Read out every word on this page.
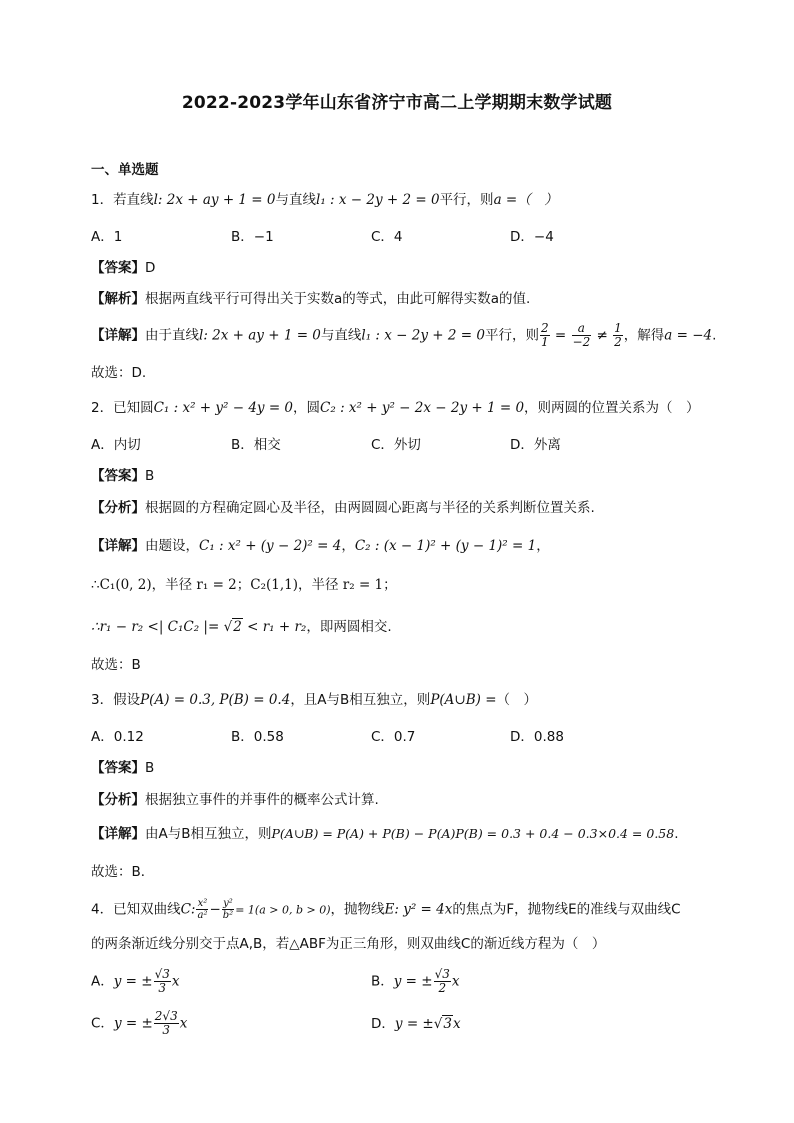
2022-2023学年山东省济宁市高二上学期期末数学试题
一、单选题
1．若直线l: 2x + ay + 1 = 0与直线l₁ : x − 2y + 2 = 0平行，则a =（　）
A．1	B．−1	C．4	D．−4
【答案】D
【解析】根据两直线平行可得出关于实数a的等式，由此可解得实数a的值.
【详解】由于直线l: 2x + ay + 1 = 0与直线l₁ : x − 2y + 2 = 0平行，则 $\frac{2}{1} = \frac{a}{-2} \ne \frac{1}{2}$ ，解得a = −4.
故选：D.
2．已知圆C₁ : x² + y² − 4y = 0，圆C₂ : x² + y² − 2x − 2y + 1 = 0，则两圆的位置关系为（　）
A．内切	B．相交	C．外切	D．外离
【答案】B
【分析】根据圆的方程确定圆心及半径，由两圆圆心距离与半径的关系判断位置关系.
【详解】由题设，C₁ : x² + (y − 2)² = 4，C₂ : (x − 1)² + (y − 1)² = 1，
∴C₁(0, 2)，半径 r₁ = 2；C₂(1,1)，半径 r₂ = 1；
∴r₁ − r₂ <| C₁C₂ |= √2 < r₁ + r₂，即两圆相交.
故选：B
3．假设P(A) = 0.3, P(B) = 0.4，且A与B相互独立，则P(A∪B) =（　）
A．0.12	B．0.58	C．0.7	D．0.88
【答案】B
【分析】根据独立事件的并事件的概率公式计算.
【详解】由A与B相互独立，则P(A∪B) = P(A) + P(B) − P(A)P(B) = 0.3 + 0.4 − 0.3×0.4 = 0.58.
故选：B．
4．已知双曲线C: $\frac{\text{x²}}{\text{a²}} - \frac{\text{y²}}{\text{b²}} = 1(a > 0$, b > 0)，抛物线E: y² = 4x的焦点为F，抛物线E的准线与双曲线C
的两条渐近线分别交于点A,B，若△ABF为正三角形，则双曲线C的渐近线方程为（　）
A．y = ± $\frac{√3}{3}$ x	B．y = ± $\frac{√3}{2}$ x
C．y = ± $\frac{2√3}{3}$ x	D．y = ±√3x
